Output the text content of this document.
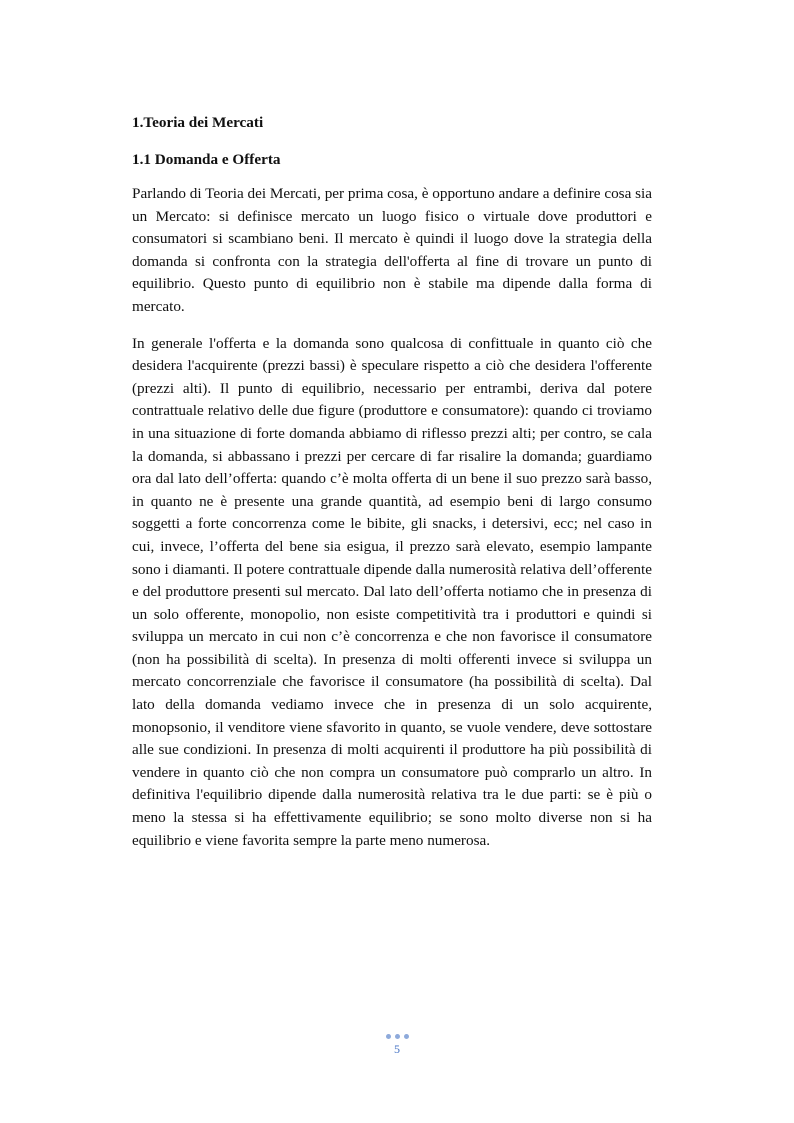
1.Teoria dei Mercati
1.1 Domanda e Offerta

Parlando di Teoria dei Mercati, per prima cosa, è opportuno andare a definire cosa sia un Mercato: si definisce mercato un luogo fisico o virtuale dove produttori e consumatori si scambiano beni. Il mercato è quindi il luogo dove la strategia della domanda si confronta con la strategia dell'offerta al fine di trovare un punto di equilibrio. Questo punto di equilibrio non è stabile ma dipende dalla forma di mercato.

In generale l'offerta e la domanda sono qualcosa di confittuale in quanto ciò che desidera l'acquirente (prezzi bassi) è speculare rispetto a ciò che desidera l'offerente (prezzi alti). Il punto di equilibrio, necessario per entrambi, deriva dal potere contrattuale relativo delle due figure (produttore e consumatore): quando ci troviamo in una situazione di forte domanda abbiamo di riflesso prezzi alti; per contro, se cala la domanda, si abbassano i prezzi per cercare di far risalire la domanda; guardiamo ora dal lato dell’offerta: quando c’è molta offerta di un bene il suo prezzo sarà basso, in quanto ne è presente una grande quantità, ad esempio beni di largo consumo soggetti a forte concorrenza come le bibite, gli snacks, i detersivi, ecc; nel caso in cui, invece, l’offerta del bene sia esigua, il prezzo sarà elevato, esempio lampante sono i diamanti. Il potere contrattuale dipende dalla numerosità relativa dell’offerente e del produttore presenti sul mercato. Dal lato dell’offerta notiamo che in presenza di un solo offerente, monopolio, non esiste competitività tra i produttori e quindi si sviluppa un mercato in cui non c’è concorrenza e che non favorisce il consumatore (non ha possibilità di scelta). In presenza di molti offerenti invece si sviluppa un mercato concorrenziale che favorisce il consumatore (ha possibilità di scelta). Dal lato della domanda vediamo invece che in presenza di un solo acquirente, monopsonio, il venditore viene sfavorito in quanto, se vuole vendere, deve sottostare alle sue condizioni. In presenza di molti acquirenti il produttore ha più possibilità di vendere in quanto ciò che non compra un consumatore può comprarlo un altro. In definitiva l'equilibrio dipende dalla numerosità relativa tra le due parti: se è più o meno la stessa si ha effettivamente equilibrio; se sono molto diverse non si ha equilibrio e viene favorita sempre la parte meno numerosa.

5
